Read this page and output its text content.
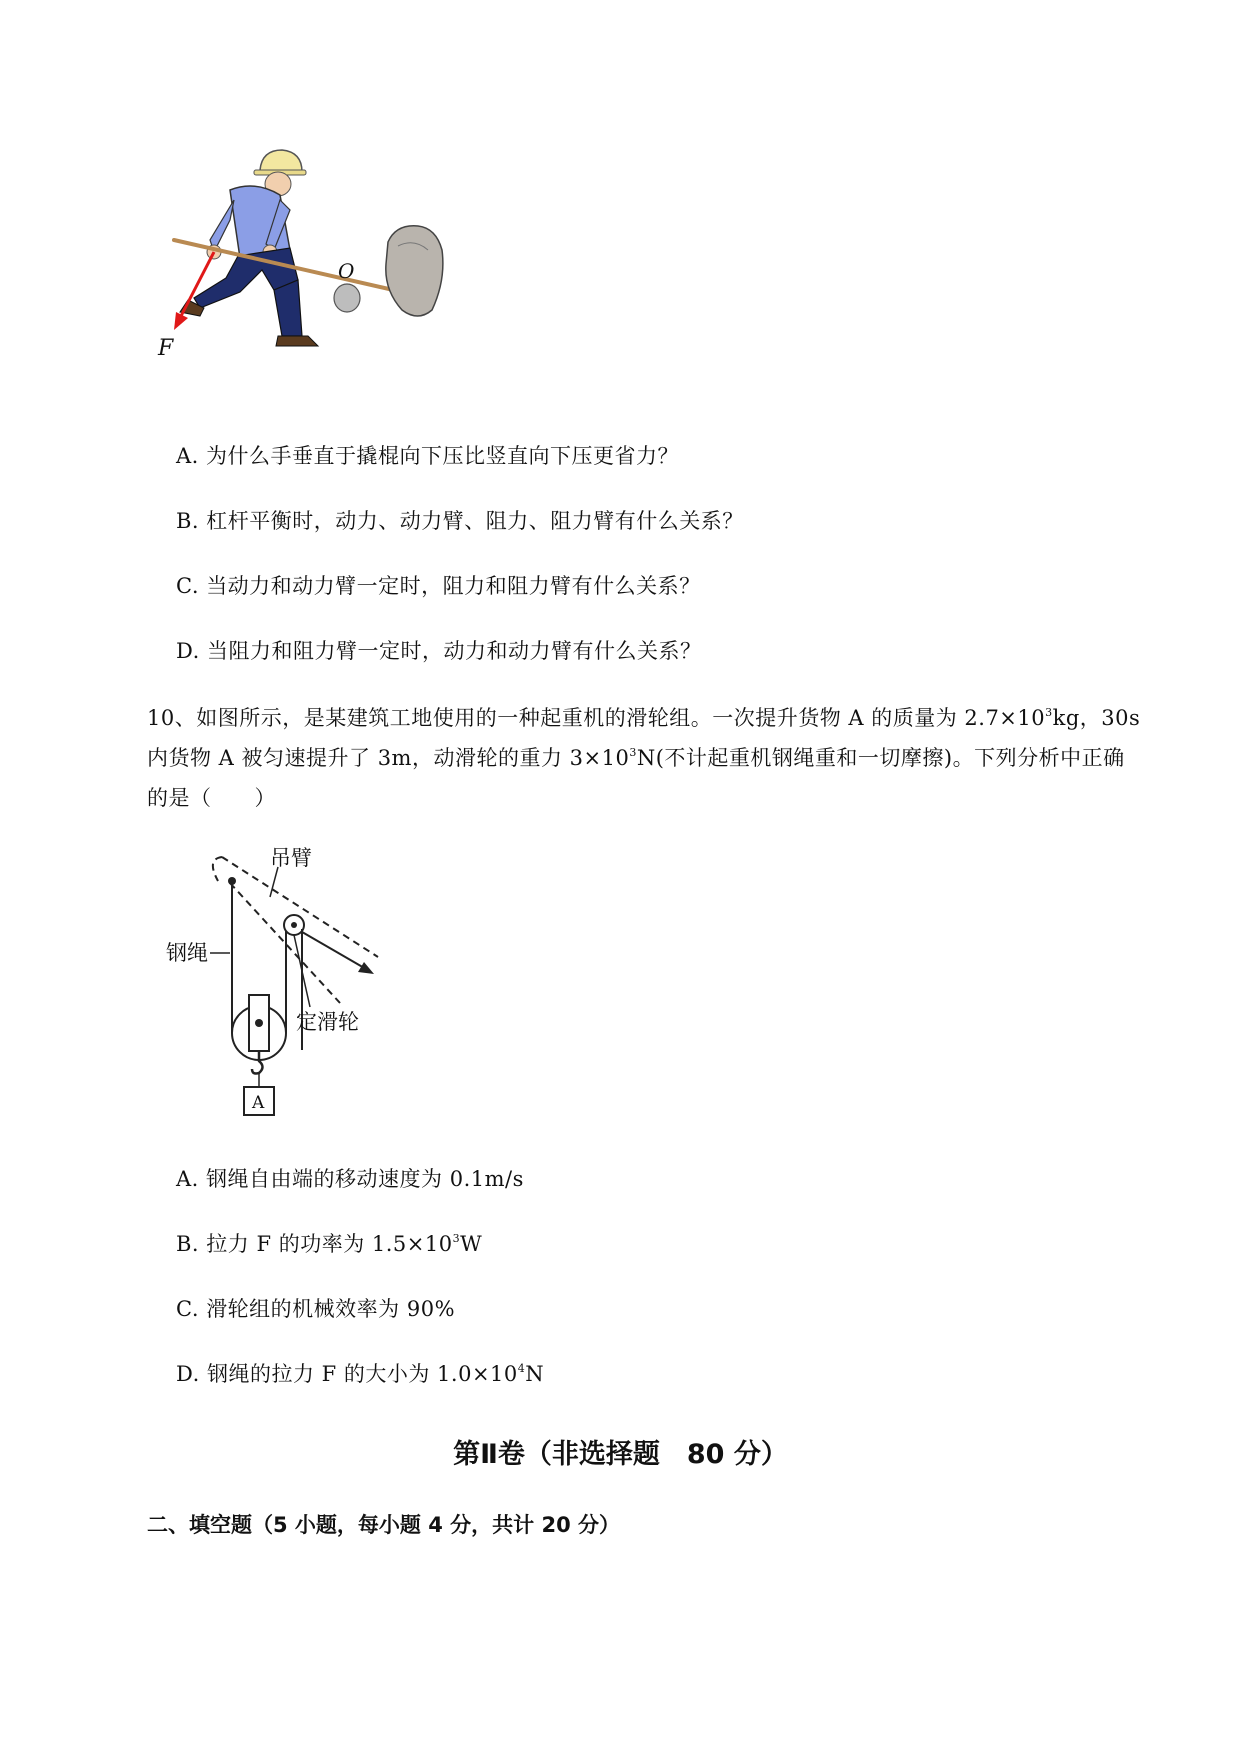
O
F
A. 为什么手垂直于撬棍向下压比竖直向下压更省力？
B. 杠杆平衡时，动力、动力臂、阻力、阻力臂有什么关系？
C. 当动力和动力臂一定时，阻力和阻力臂有什么关系？
D. 当阻力和阻力臂一定时，动力和动力臂有什么关系？
10、如图所示，是某建筑工地使用的一种起重机的滑轮组。一次提升货物 A 的质量为 $2.7\times 10^3kg$，30s
内货物 A 被匀速提升了 3m，动滑轮的重力 $3\times 10^3N$(不计起重机钢绳重和一切摩擦)。下列分析中正确
的是（　　）
A
吊臂
钢绳
定滑轮
A. 钢绳自由端的移动速度为 0.1m/s
B. 拉力 F 的功率为 $1.5\times 10^3W$
C. 滑轮组的机械效率为 90%
D. 钢绳的拉力 F 的大小为 $1.0\times 10^4N$
第Ⅱ卷（非选择题　80 分）
二、填空题（5 小题，每小题 4 分，共计 20 分）
